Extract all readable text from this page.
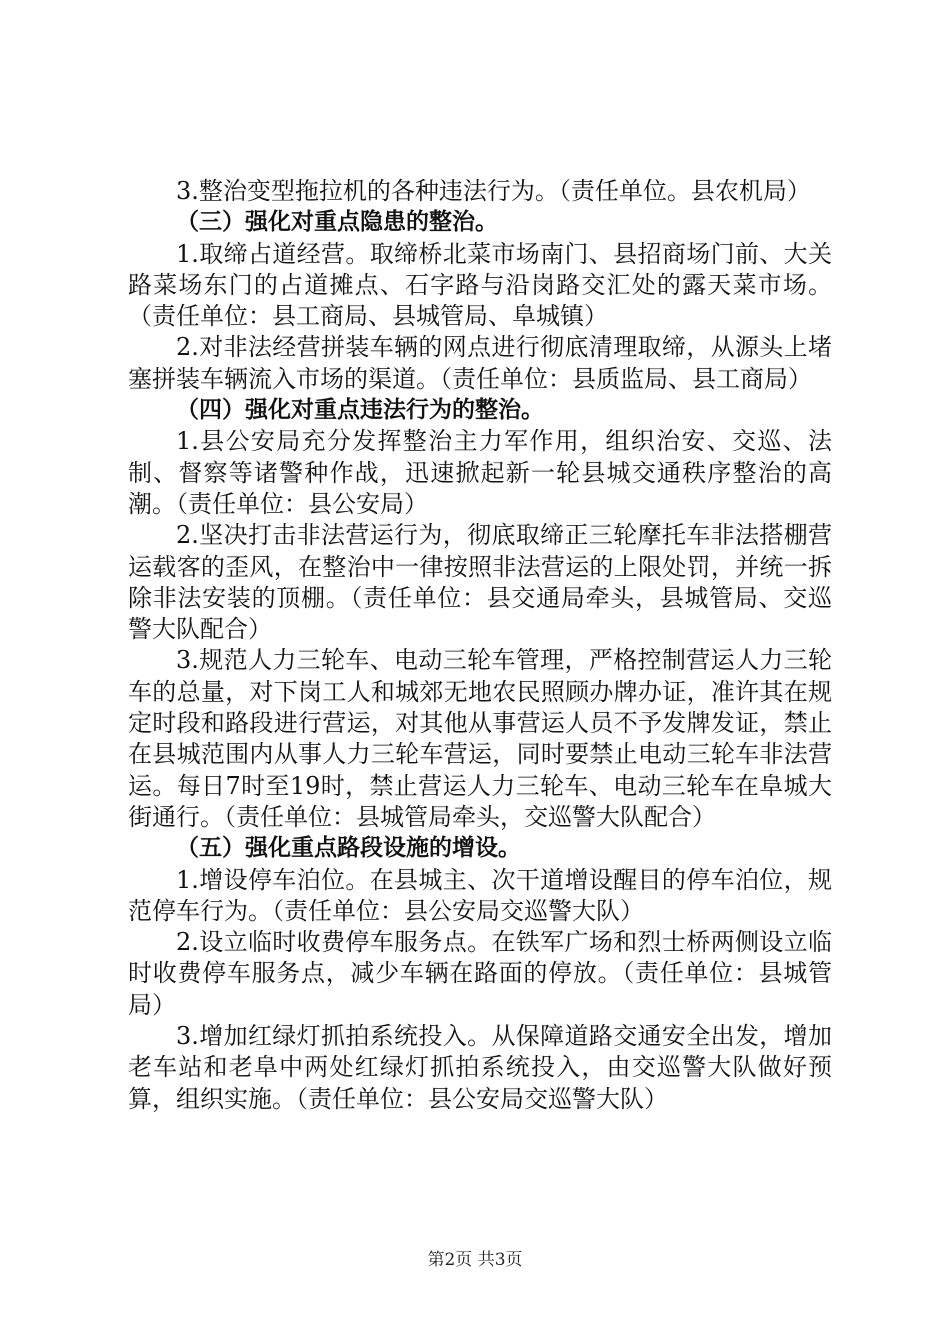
3.整治变型拖拉机的各种违法行为。（责任单位。县农机局）

（三）强化对重点隐患的整治。

1.取缔占道经营。取缔桥北菜市场南门、县招商场门前、大关路菜场东门的占道摊点、石字路与沿岗路交汇处的露天菜市场。（责任单位：县工商局、县城管局、阜城镇）

2.对非法经营拼装车辆的网点进行彻底清理取缔，从源头上堵塞拼装车辆流入市场的渠道。（责任单位：县质监局、县工商局）

（四）强化对重点违法行为的整治。

1.县公安局充分发挥整治主力军作用，组织治安、交巡、法制、督察等诸警种作战，迅速掀起新一轮县城交通秩序整治的高潮。（责任单位：县公安局）

2.坚决打击非法营运行为，彻底取缔正三轮摩托车非法搭棚营运载客的歪风，在整治中一律按照非法营运的上限处罚，并统一拆除非法安装的顶棚。（责任单位：县交通局牵头，县城管局、交巡警大队配合）

3.规范人力三轮车、电动三轮车管理，严格控制营运人力三轮车的总量，对下岗工人和城郊无地农民照顾办牌办证，准许其在规定时段和路段进行营运，对其他从事营运人员不予发牌发证，禁止在县城范围内从事人力三轮车营运，同时要禁止电动三轮车非法营运。每日7时至19时，禁止营运人力三轮车、电动三轮车在阜城大街通行。（责任单位：县城管局牵头，交巡警大队配合）

（五）强化重点路段设施的增设。

1.增设停车泊位。在县城主、次干道增设醒目的停车泊位，规范停车行为。（责任单位：县公安局交巡警大队）

2.设立临时收费停车服务点。在铁军广场和烈士桥两侧设立临时收费停车服务点，减少车辆在路面的停放。（责任单位：县城管局）

3.增加红绿灯抓拍系统投入。从保障道路交通安全出发，增加老车站和老阜中两处红绿灯抓拍系统投入，由交巡警大队做好预算，组织实施。（责任单位：县公安局交巡警大队）

第2页 共3页
